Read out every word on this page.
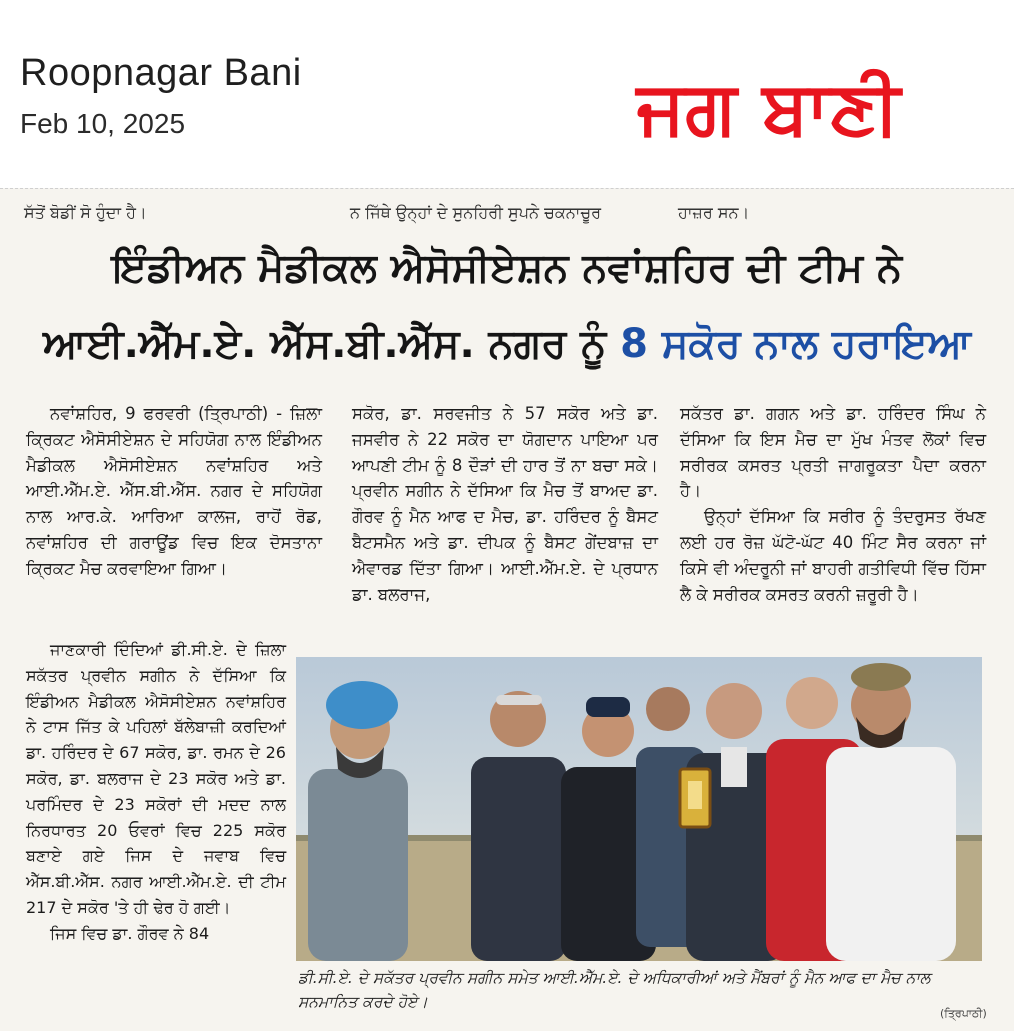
Roopnagar Bani
Feb 10, 2025	ਜਗ ਬਾਣੀ
ਸੱਤੋਂ ਬੋਡੀਂ ਸੋ ਹੁੰਦਾ ਹੈ।	ਨ ਜਿੱਥੇ ਉਨ੍ਹਾਂ ਦੇ ਸੁਨਹਿਰੀ ਸੁਪਨੇ ਚਕਨਾਚੂਰ	ਹਾਜ਼ਰ ਸਨ।
ਇੰਡੀਅਨ ਮੈਡੀਕਲ ਐਸੋਸੀਏਸ਼ਨ ਨਵਾਂਸ਼ਹਿਰ ਦੀ ਟੀਮ ਨੇ
ਆਈ.ਐੱਮ.ਏ. ਐੱਸ.ਬੀ.ਐੱਸ. ਨਗਰ ਨੂੰ 8 ਸਕੋਰ ਨਾਲ ਹਰਾਇਆ

ਨਵਾਂਸ਼ਹਿਰ, 9 ਫਰਵਰੀ (ਤ੍ਰਿਪਾਠੀ) - ਜ਼ਿਲਾ ਕ੍ਰਿਕਟ ਐਸੋਸੀਏਸ਼ਨ ਦੇ ਸਹਿਯੋਗ ਨਾਲ ਇੰਡੀਅਨ ਮੈਡੀਕਲ ਐਸੋਸੀਏਸ਼ਨ ਨਵਾਂਸ਼ਹਿਰ ਅਤੇ ਆਈ.ਐੱਮ.ਏ. ਐੱਸ.ਬੀ.ਐੱਸ. ਨਗਰ ਦੇ ਸਹਿਯੋਗ ਨਾਲ ਆਰ.ਕੇ. ਆਰਿਆ ਕਾਲਜ, ਰਾਹੋਂ ਰੋਡ, ਨਵਾਂਸ਼ਹਿਰ ਦੀ ਗਰਾਊਂਡ ਵਿਚ ਇਕ ਦੋਸਤਾਨਾ ਕ੍ਰਿਕਟ ਮੈਚ ਕਰਵਾਇਆ ਗਿਆ।

ਜਾਣਕਾਰੀ ਦਿੰਦਿਆਂ ਡੀ.ਸੀ.ਏ. ਦੇ ਜ਼ਿਲਾ ਸਕੱਤਰ ਪ੍ਰਵੀਨ ਸਗੀਨ ਨੇ ਦੱਸਿਆ ਕਿ ਇੰਡੀਅਨ ਮੈਡੀਕਲ ਐਸੋਸੀਏਸ਼ਨ ਨਵਾਂਸ਼ਹਿਰ ਨੇ ਟਾਸ ਜਿੱਤ ਕੇ ਪਹਿਲਾਂ ਬੱਲੇਬਾਜ਼ੀ ਕਰਦਿਆਂ ਡਾ. ਹਰਿੰਦਰ ਦੇ 67 ਸਕੋਰ, ਡਾ. ਰਮਨ ਦੇ 26 ਸਕੋਰ, ਡਾ. ਬਲਰਾਜ ਦੇ 23 ਸਕੋਰ ਅਤੇ ਡਾ. ਪਰਮਿੰਦਰ ਦੇ 23 ਸਕੋਰਾਂ ਦੀ ਮਦਦ ਨਾਲ ਨਿਰਧਾਰਤ 20 ਓਵਰਾਂ ਵਿਚ 225 ਸਕੋਰ ਬਣਾਏ ਗਏ ਜਿਸ ਦੇ ਜਵਾਬ ਵਿਚ ਐੱਸ.ਬੀ.ਐੱਸ. ਨਗਰ ਆਈ.ਐੱਮ.ਏ. ਦੀ ਟੀਮ 217 ਦੇ ਸਕੋਰ 'ਤੇ ਹੀ ਢੇਰ ਹੋ ਗਈ।

ਜਿਸ ਵਿਚ ਡਾ. ਗੌਰਵ ਨੇ 84

ਸਕੋਰ, ਡਾ. ਸਰਵਜੀਤ ਨੇ 57 ਸਕੋਰ ਅਤੇ ਡਾ. ਜਸਵੀਰ ਨੇ 22 ਸਕੋਰ ਦਾ ਯੋਗਦਾਨ ਪਾਇਆ ਪਰ ਆਪਣੀ ਟੀਮ ਨੂੰ 8 ਦੌੜਾਂ ਦੀ ਹਾਰ ਤੋਂ ਨਾ ਬਚਾ ਸਕੇ। ਪ੍ਰਵੀਨ ਸਗੀਨ ਨੇ ਦੱਸਿਆ ਕਿ ਮੈਚ ਤੋਂ ਬਾਅਦ ਡਾ. ਗੌਰਵ ਨੂੰ ਮੈਨ ਆਫ ਦ ਮੈਚ, ਡਾ. ਹਰਿੰਦਰ ਨੂੰ ਬੈਸਟ ਬੈਟਸਮੈਨ ਅਤੇ ਡਾ. ਦੀਪਕ ਨੂੰ ਬੈਸਟ ਗੇਂਦਬਾਜ਼ ਦਾ ਐਵਾਰਡ ਦਿੱਤਾ ਗਿਆ। ਆਈ.ਐੱਮ.ਏ. ਦੇ ਪ੍ਰਧਾਨ ਡਾ. ਬਲਰਾਜ,

ਸਕੱਤਰ ਡਾ. ਗਗਨ ਅਤੇ ਡਾ. ਹਰਿੰਦਰ ਸਿੰਘ ਨੇ ਦੱਸਿਆ ਕਿ ਇਸ ਮੈਚ ਦਾ ਮੁੱਖ ਮੰਤਵ ਲੋਕਾਂ ਵਿਚ ਸਰੀਰਕ ਕਸਰਤ ਪ੍ਰਤੀ ਜਾਗਰੂਕਤਾ ਪੈਦਾ ਕਰਨਾ ਹੈ।

ਉਨ੍ਹਾਂ ਦੱਸਿਆ ਕਿ ਸਰੀਰ ਨੂੰ ਤੰਦਰੁਸਤ ਰੱਖਣ ਲਈ ਹਰ ਰੋਜ਼ ਘੱਟੋ-ਘੱਟ 40 ਮਿੰਟ ਸੈਰ ਕਰਨਾ ਜਾਂ ਕਿਸੇ ਵੀ ਅੰਦਰੂਨੀ ਜਾਂ ਬਾਹਰੀ ਗਤੀਵਿਧੀ ਵਿੱਚ ਹਿੱਸਾ ਲੈ ਕੇ ਸਰੀਰਕ ਕਸਰਤ ਕਰਨੀ ਜ਼ਰੂਰੀ ਹੈ।

ਡੀ.ਸੀ.ਏ. ਦੇ ਸਕੱਤਰ ਪ੍ਰਵੀਨ ਸਗੀਨ ਸਮੇਤ ਆਈ.ਐੱਮ.ਏ. ਦੇ ਅਧਿਕਾਰੀਆਂ ਅਤੇ ਮੈਂਬਰਾਂ ਨੂੰ ਮੈਨ ਆਫ ਦਾ ਮੈਚ ਨਾਲ ਸਨਮਾਨਿਤ ਕਰਦੇ ਹੋਏ।
(ਤ੍ਰਿਪਾਠੀ)
